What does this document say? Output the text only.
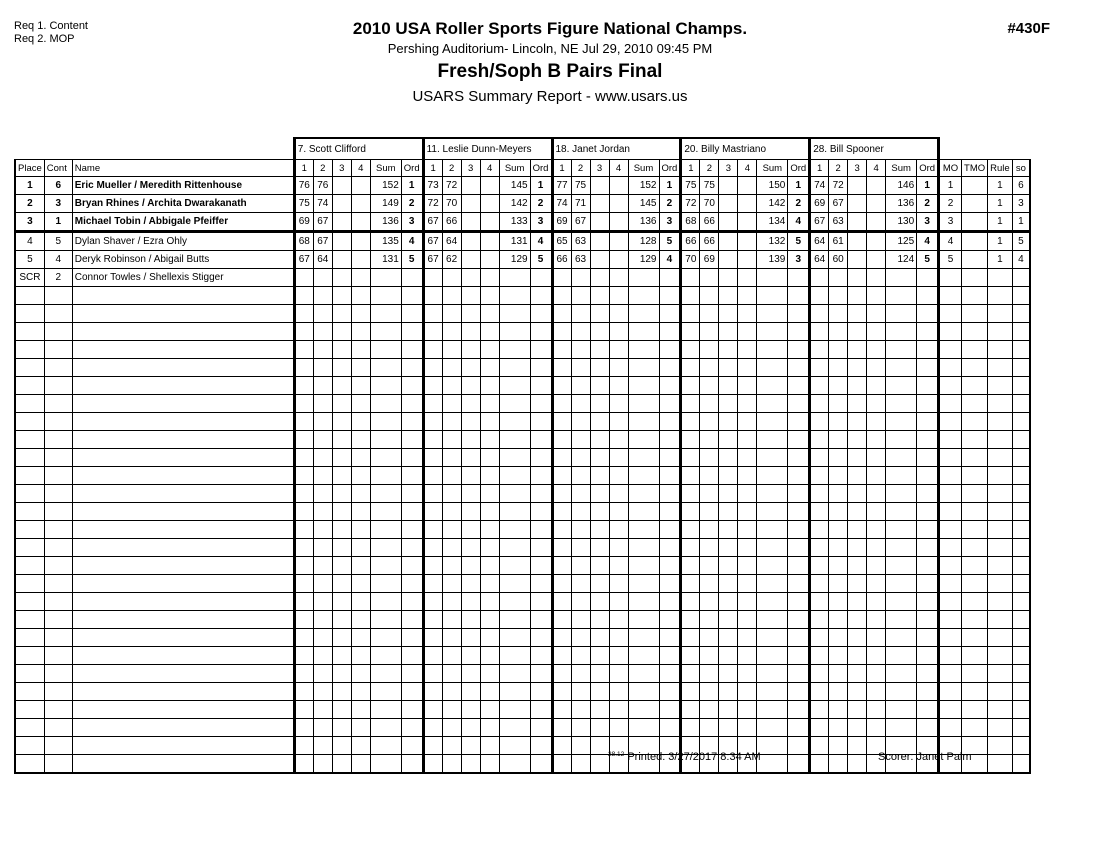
Req 1. Content
Req 2. MOP
2010 USA Roller Sports Figure National Champs.
Pershing Auditorium- Lincoln, NE Jul 29, 2010 09:45 PM
Fresh/Soph B Pairs Final
USARS Summary Report - www.usars.us
#430F
			7. Scott Clifford						11. Leslie Dunn-Meyers						18. Janet Jordan						20. Billy Mastriano						28. Bill Spooner									
Place	Cont	Name	1	2	3	4	Sum	Ord	1	2	3	4	Sum	Ord	1	2	3	4	Sum	Ord	1	2	3	4	Sum	Ord	1	2	3	4	Sum	Ord	MO	TMO	Rule	so
1	6	Eric Mueller / Meredith Rittenhouse	76	76			152	1	73	72			145	1	77	75			152	1	75	75			150	1	74	72			146	1	1		1	6
2	3	Bryan Rhines / Archita Dwarakanath	75	74			149	2	72	70			142	2	74	71			145	2	72	70			142	2	69	67			136	2	2		1	3
3	1	Michael Tobin / Abbigale Pfeiffer	69	67			136	3	67	66			133	3	69	67			136	3	68	66			134	4	67	63			130	3	3		1	1
4	5	Dylan Shaver / Ezra Ohly	68	67			135	4	67	64			131	4	65	63			128	5	66	66			132	5	64	61			125	4	4		1	5
5	4	Deryk Robinson / Abigail Butts	67	64			131	5	67	62			129	5	66	63			129	4	70	69			139	3	64	60			124	5	5		1	4
SCR	2	Connor Towles / Shellexis Stigger																																		

$^{28.12}$ Printed: 3/27/2017 8:34 AM	Scorer: Janet Palm
